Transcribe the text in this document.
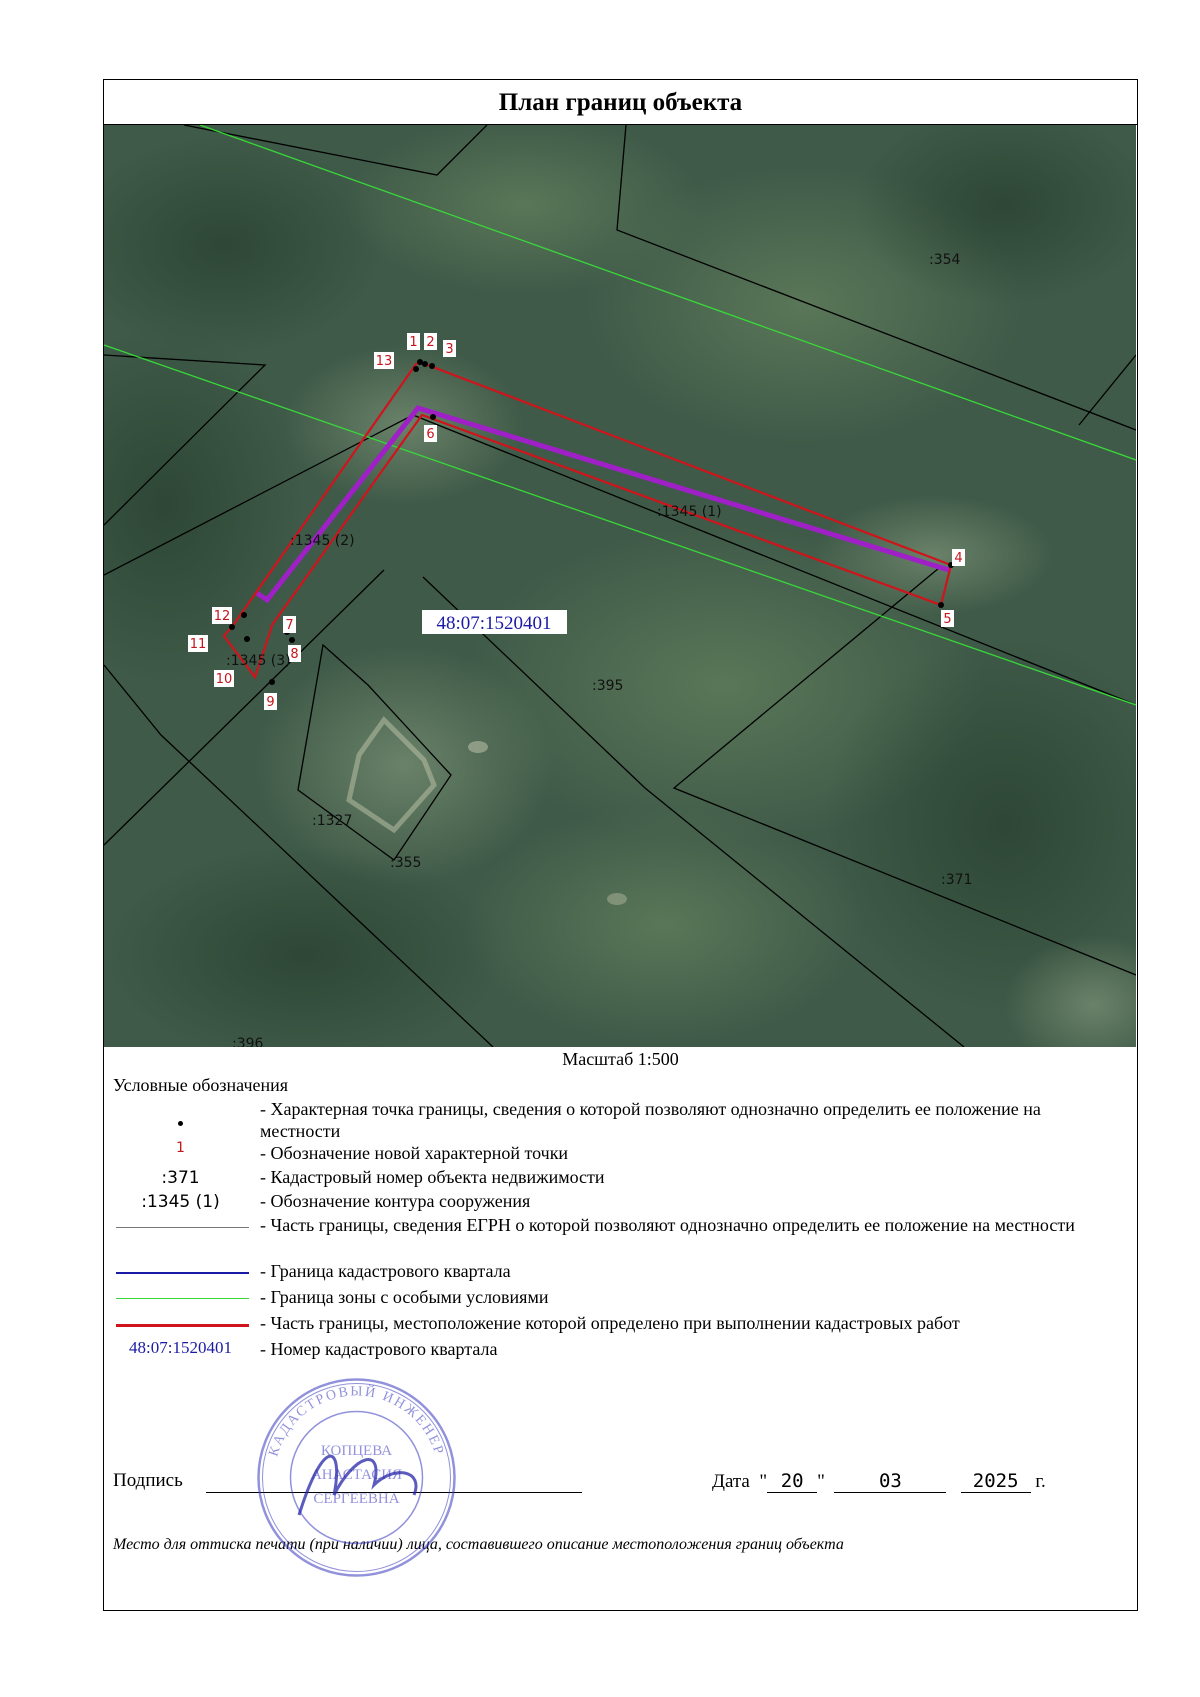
План границ объекта
1 2 3
4
5
6
7
8
9
10
11
12
13
:354
:395
:1327
:355
:371
:396
:1345 (1)
:1345 (2)
:1345 (3)
48:07:1520401
Масштаб 1:500
Условные обозначения
- Характерная точка границы, сведения о которой позволяют однозначно определить ее положение на местности
1	- Обозначение новой характерной точки
:371	- Кадастровый номер объекта недвижимости
:1345 (1)	- Обозначение контура сооружения
- Часть границы, сведения ЕГРН о которой позволяют однозначно определить ее положение на местности
- Граница кадастрового квартала
- Граница зоны с особыми условиями
- Часть границы, местоположение которой определено при выполнении кадастровых работ
48:07:1520401	- Номер кадастрового квартала
Подпись	Дата  " 20 "	03	2025 г.
Место для оттиска печати (при наличии) лица, составившего описание местоположения границ объекта
КАДАСТРОВЫЙ ИНЖЕНЕР
КОПЦЕВА
АНАСТАСИЯ
СЕРГЕЕВНА
